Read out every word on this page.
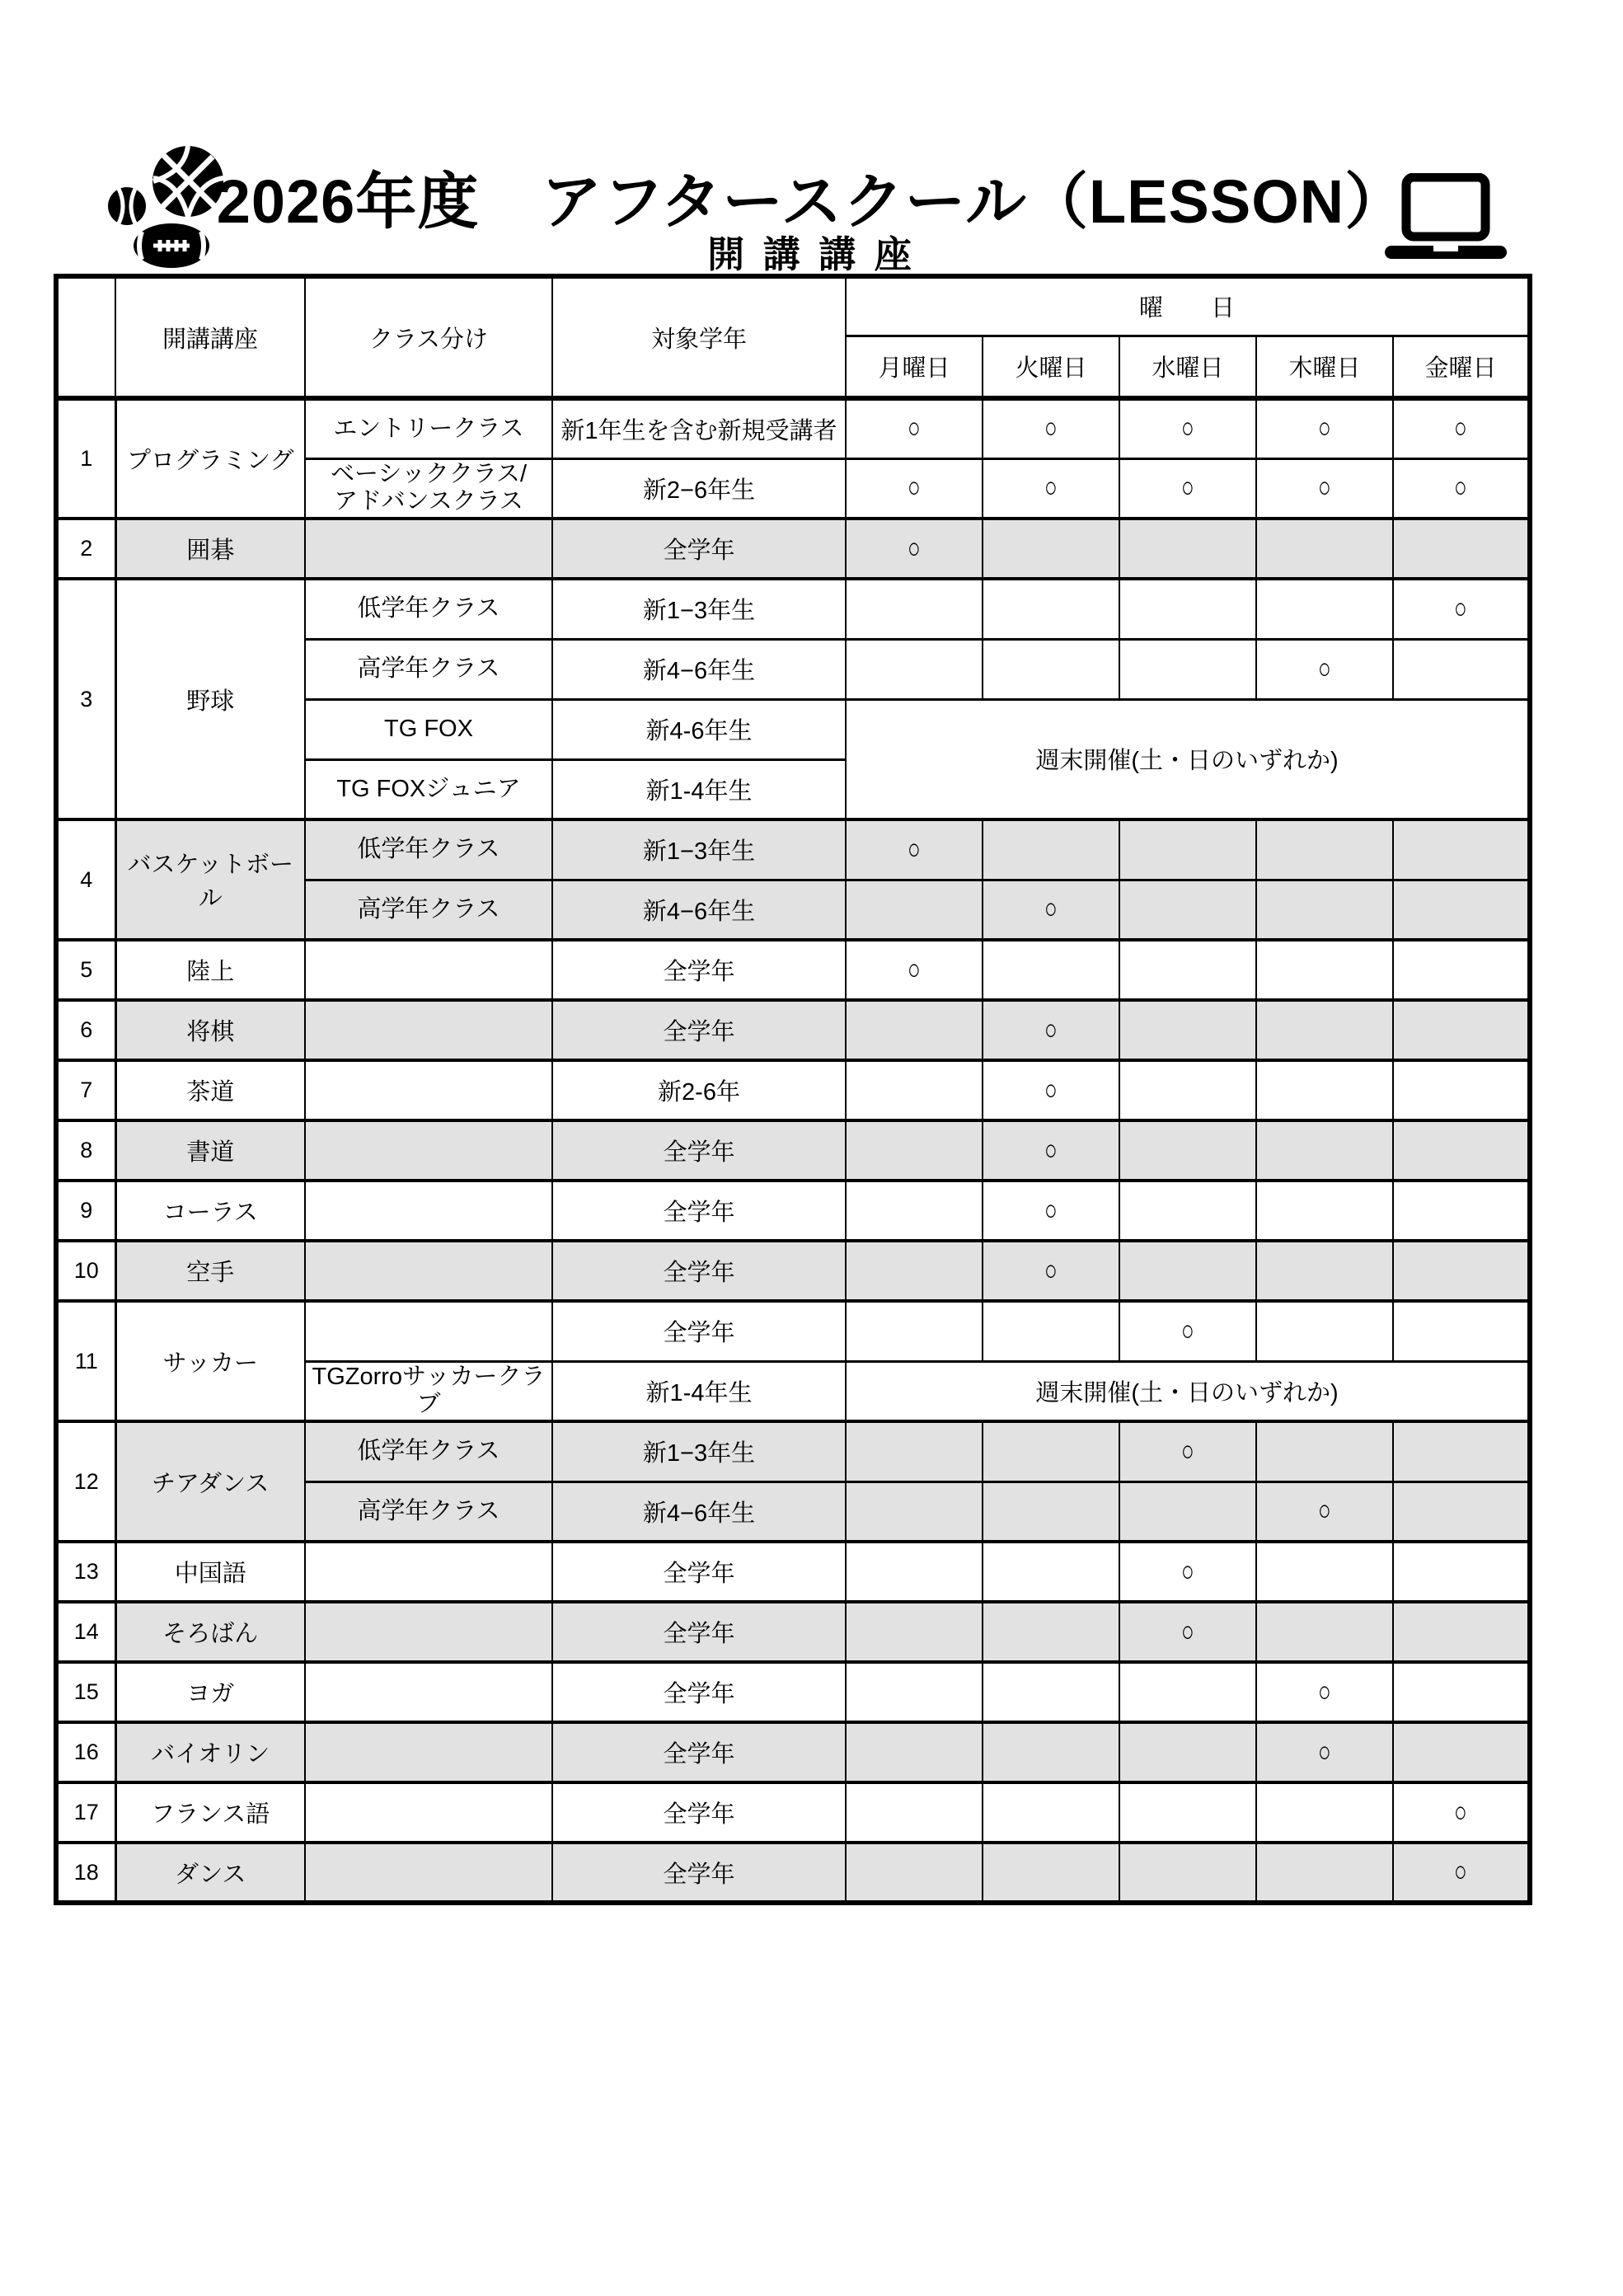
2026年度　アフタースクール（LESSON）
開 講 講 座
	開講講座	クラス分け	対象学年	曜　　日				
				月曜日	火曜日	水曜日	木曜日	金曜日
1	プログラミング	エントリークラス	新1年生を含む新規受講者	○	○	○	○	○
		ベーシッククラス/
アドバンスクラス	新2−6年生	○	○	○	○	○
2	囲碁		全学年	○				
3	野球	低学年クラス	新1−3年生					○
		高学年クラス	新4−6年生				○	
		TG FOX	新4-6年生	週末開催(土・日のいずれか)				
		TG FOXジュニア	新1-4年生					
4	バスケットボール	低学年クラス	新1−3年生	○				
		高学年クラス	新4−6年生		○			
5	陸上		全学年	○				
6	将棋		全学年		○			
7	茶道		新2-6年		○			
8	書道		全学年		○			
9	コーラス		全学年		○			
10	空手		全学年		○			
11	サッカー		全学年			○		
		TGZorroサッカークラブ	新1-4年生	週末開催(土・日のいずれか)				
12	チアダンス	低学年クラス	新1−3年生			○		
		高学年クラス	新4−6年生				○	
13	中国語		全学年			○		
14	そろばん		全学年			○		
15	ヨガ		全学年				○	
16	バイオリン		全学年				○	
17	フランス語		全学年					○
18	ダンス		全学年					○
